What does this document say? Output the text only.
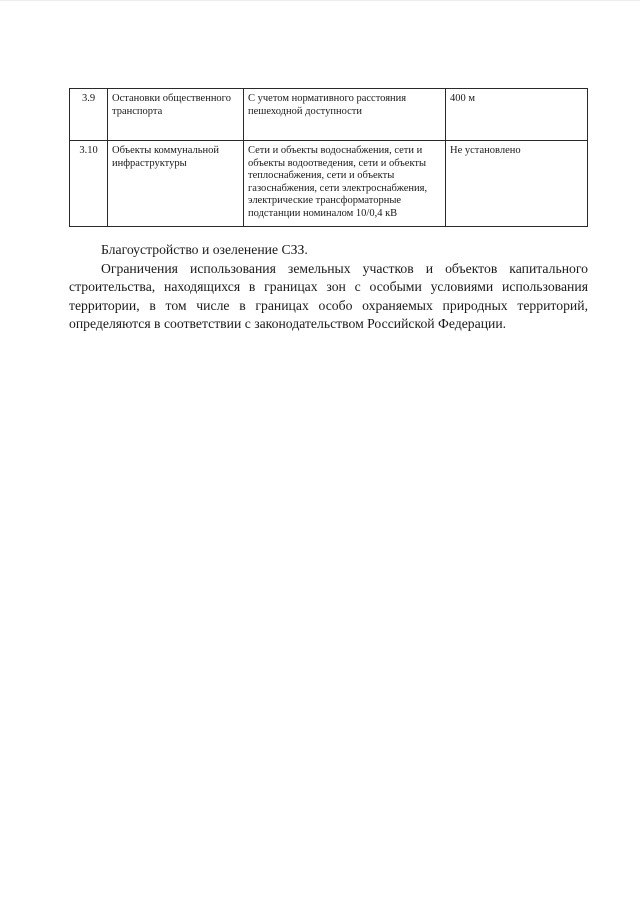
3.9	Остановки общественного транспорта	С учетом нормативного расстояния пешеходной доступности	400 м
3.10	Объекты коммунальной инфраструктуры	Сети и объекты водоснабжения, сети и объекты водоотведения, сети и объекты теплоснабжения, сети и объекты газоснабжения, сети электроснабжения, электрические трансформаторные подстанции номиналом 10/0,4 кВ	Не установлено

Благоустройство и озеленение СЗЗ.

Ограничения использования земельных участков и объектов капитального строительства, находящихся в границах зон с особыми условиями использования территории, в том числе в границах особо охраняемых природных территорий, определяются в соответствии с законодательством Российской Федерации.
